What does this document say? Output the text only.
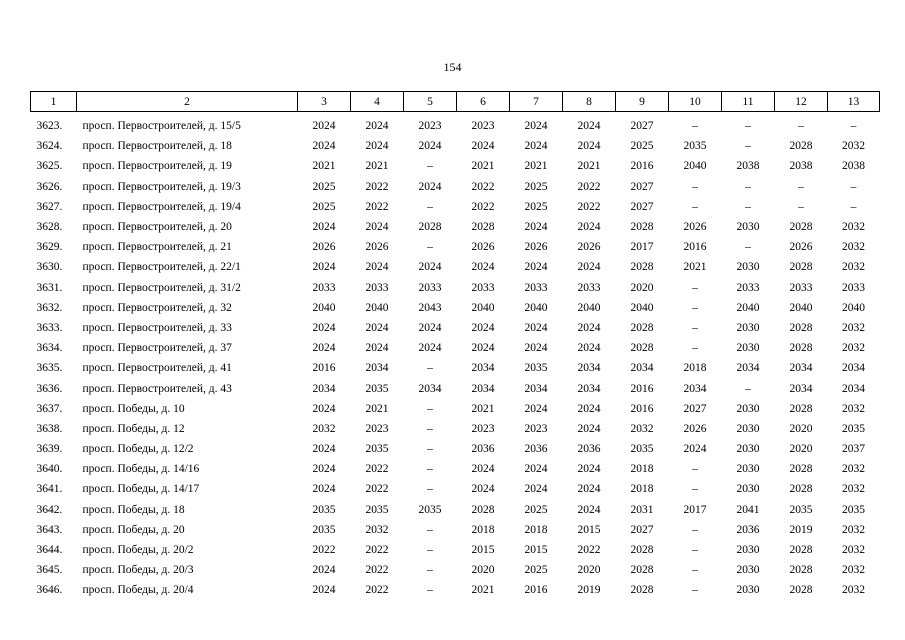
154
1	2	3	4	5	6	7	8	9	10	11	12	13
3623.	просп. Первостроителей, д. 15/5	2024	2024	2023	2023	2024	2024	2027	–	–	–	–
3624.	просп. Первостроителей, д. 18	2024	2024	2024	2024	2024	2024	2025	2035	–	2028	2032
3625.	просп. Первостроителей, д. 19	2021	2021	–	2021	2021	2021	2016	2040	2038	2038	2038
3626.	просп. Первостроителей, д. 19/3	2025	2022	2024	2022	2025	2022	2027	–	–	–	–
3627.	просп. Первостроителей, д. 19/4	2025	2022	–	2022	2025	2022	2027	–	–	–	–
3628.	просп. Первостроителей, д. 20	2024	2024	2028	2028	2024	2024	2028	2026	2030	2028	2032
3629.	просп. Первостроителей, д. 21	2026	2026	–	2026	2026	2026	2017	2016	–	2026	2032
3630.	просп. Первостроителей, д. 22/1	2024	2024	2024	2024	2024	2024	2028	2021	2030	2028	2032
3631.	просп. Первостроителей, д. 31/2	2033	2033	2033	2033	2033	2033	2020	–	2033	2033	2033
3632.	просп. Первостроителей, д. 32	2040	2040	2043	2040	2040	2040	2040	–	2040	2040	2040
3633.	просп. Первостроителей, д. 33	2024	2024	2024	2024	2024	2024	2028	–	2030	2028	2032
3634.	просп. Первостроителей, д. 37	2024	2024	2024	2024	2024	2024	2028	–	2030	2028	2032
3635.	просп. Первостроителей, д. 41	2016	2034	–	2034	2035	2034	2034	2018	2034	2034	2034
3636.	просп. Первостроителей, д. 43	2034	2035	2034	2034	2034	2034	2016	2034	–	2034	2034
3637.	просп. Победы, д. 10	2024	2021	–	2021	2024	2024	2016	2027	2030	2028	2032
3638.	просп. Победы, д. 12	2032	2023	–	2023	2023	2024	2032	2026	2030	2020	2035
3639.	просп. Победы, д. 12/2	2024	2035	–	2036	2036	2036	2035	2024	2030	2020	2037
3640.	просп. Победы, д. 14/16	2024	2022	–	2024	2024	2024	2018	–	2030	2028	2032
3641.	просп. Победы, д. 14/17	2024	2022	–	2024	2024	2024	2018	–	2030	2028	2032
3642.	просп. Победы, д. 18	2035	2035	2035	2028	2025	2024	2031	2017	2041	2035	2035
3643.	просп. Победы, д. 20	2035	2032	–	2018	2018	2015	2027	–	2036	2019	2032
3644.	просп. Победы, д. 20/2	2022	2022	–	2015	2015	2022	2028	–	2030	2028	2032
3645.	просп. Победы, д. 20/3	2024	2022	–	2020	2025	2020	2028	–	2030	2028	2032
3646.	просп. Победы, д. 20/4	2024	2022	–	2021	2016	2019	2028	–	2030	2028	2032
